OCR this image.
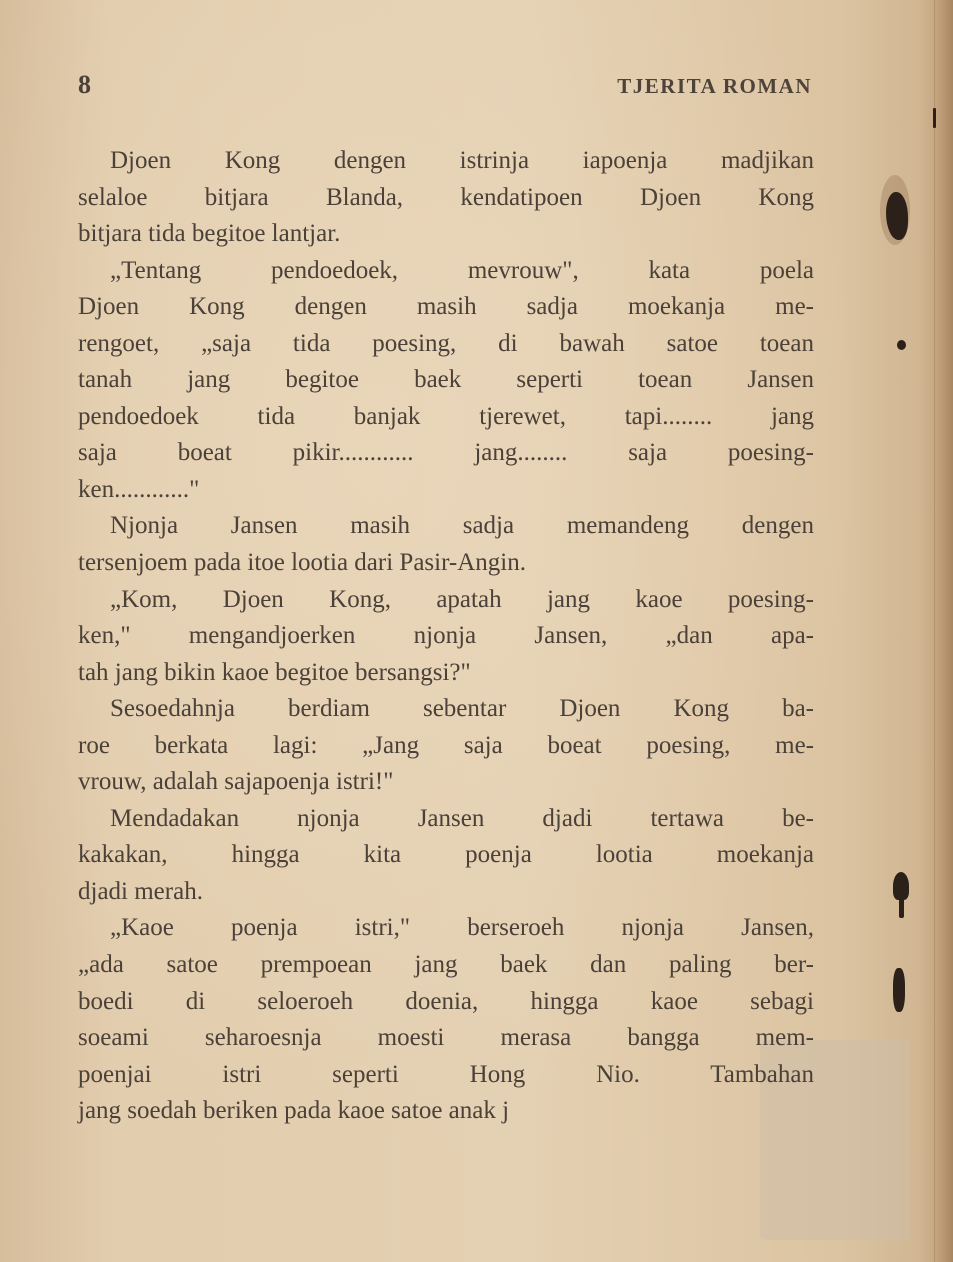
8	TJERITA ROMAN
Djoen Kong dengen istrinja iapoenja madjikan
selaloe bitjara Blanda, kendatipoen Djoen Kong
bitjara tida begitoe lantjar.
„Tentang pendoedoek, mevrouw", kata poela
Djoen Kong dengen masih sadja moekanja me-
rengoet, „saja tida poesing, di bawah satoe toean
tanah jang begitoe baek seperti toean Jansen
pendoedoek tida banjak tjerewet, tapi........ jang
saja boeat pikir............ jang........ saja poesing-
ken............"
Njonja Jansen masih sadja memandeng dengen
tersenjoem pada itoe lootia dari Pasir-Angin.
„Kom, Djoen Kong, apatah jang kaoe poesing-
ken," mengandjoerken njonja Jansen, „dan apa-
tah jang bikin kaoe begitoe bersangsi?"
Sesoedahnja berdiam sebentar Djoen Kong ba-
roe berkata lagi: „Jang saja boeat poesing, me-
vrouw, adalah sajapoenja istri!"
Mendadakan njonja Jansen djadi tertawa be-
kakakan, hingga kita poenja lootia moekanja
djadi merah.
„Kaoe poenja istri," berseroeh njonja Jansen,
„ada satoe prempoean jang baek dan paling ber-
boedi di seloeroeh doenia, hingga kaoe sebagi
soeami seharoesnja moesti merasa bangga mem-
poenjai istri seperti Hong Nio. Tambahan
jang soedah beriken pada kaoe satoe anak j
